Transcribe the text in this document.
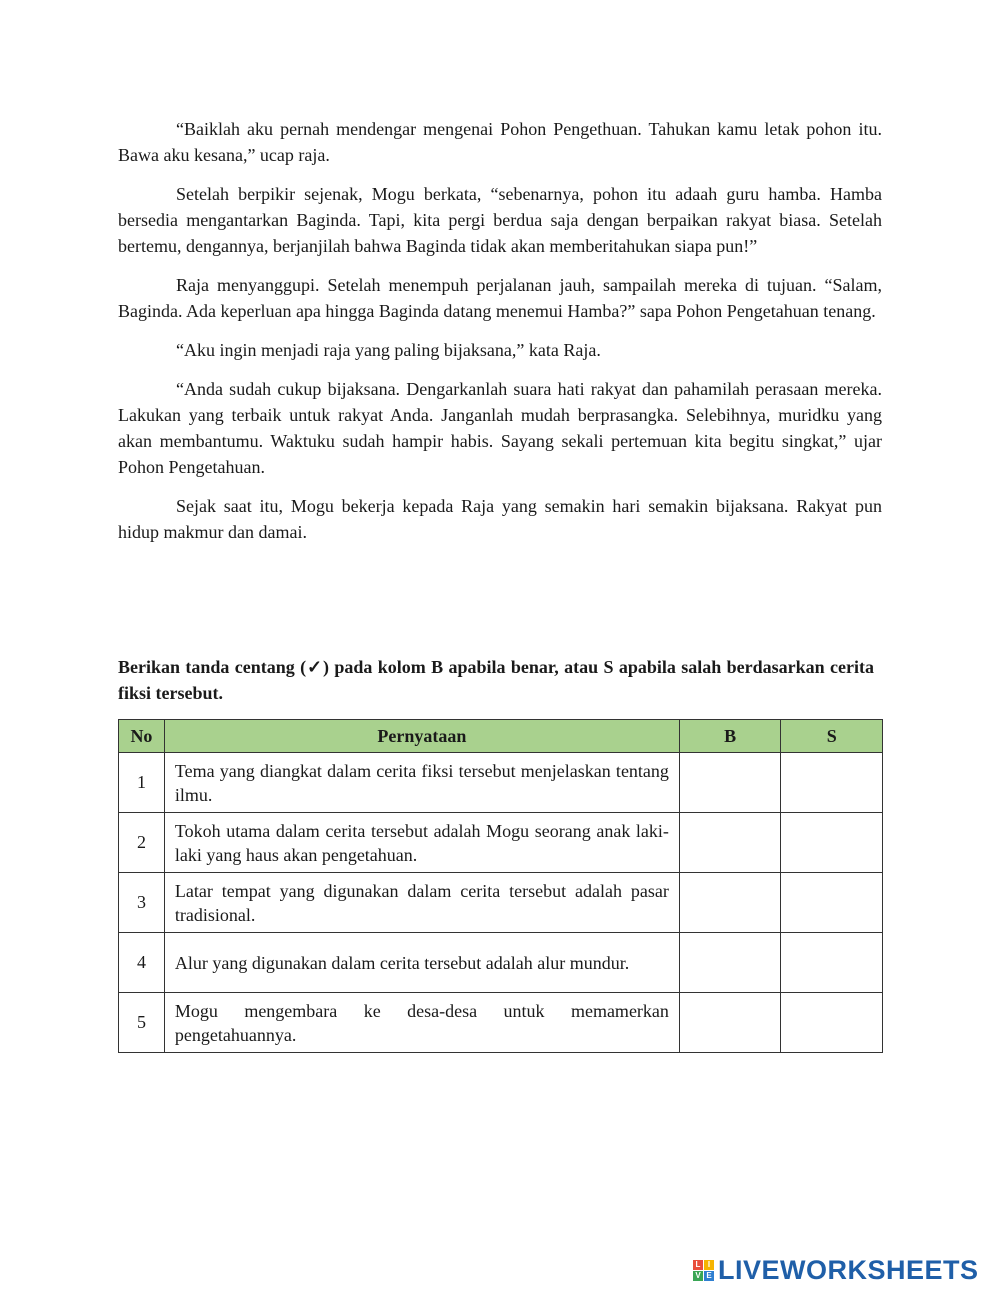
“Baiklah aku pernah mendengar mengenai Pohon Pengethuan. Tahukan kamu letak pohon itu. Bawa aku kesana,” ucap raja.

Setelah berpikir sejenak, Mogu berkata, “sebenarnya, pohon itu adaah guru hamba. Hamba bersedia mengantarkan Baginda. Tapi, kita pergi berdua saja dengan berpaikan rakyat biasa. Setelah bertemu, dengannya, berjanjilah bahwa Baginda tidak akan memberitahukan siapa pun!”

Raja menyanggupi. Setelah menempuh perjalanan jauh, sampailah mereka di tujuan. “Salam, Baginda. Ada keperluan apa hingga Baginda datang menemui Hamba?” sapa Pohon Pengetahuan tenang.

“Aku ingin menjadi raja yang paling bijaksana,” kata Raja.

“Anda sudah cukup bijaksana. Dengarkanlah suara hati rakyat dan pahamilah perasaan mereka. Lakukan yang terbaik untuk rakyat Anda. Janganlah mudah berprasangka. Selebihnya, muridku yang akan membantumu. Waktuku sudah hampir habis. Sayang sekali pertemuan kita begitu singkat,” ujar Pohon Pengetahuan.

Sejak saat itu, Mogu bekerja kepada Raja yang semakin hari semakin bijaksana. Rakyat pun hidup makmur dan damai.

Berikan tanda centang (✓) pada kolom B apabila benar, atau S apabila salah berdasarkan cerita fiksi tersebut.
No	Pernyataan	B	S
1	Tema yang diangkat dalam cerita fiksi tersebut menjelaskan tentang ilmu.		
2	Tokoh utama dalam cerita tersebut adalah Mogu seorang anak laki-laki yang haus akan pengetahuan.		
3	Latar tempat yang digunakan dalam cerita tersebut adalah pasar tradisional.		
4	Alur yang digunakan dalam cerita tersebut adalah alur mundur.		
5	Mogu mengembara ke desa-desa untuk memamerkan pengetahuannya.		
L I
V E LIVEWORKSHEETS
